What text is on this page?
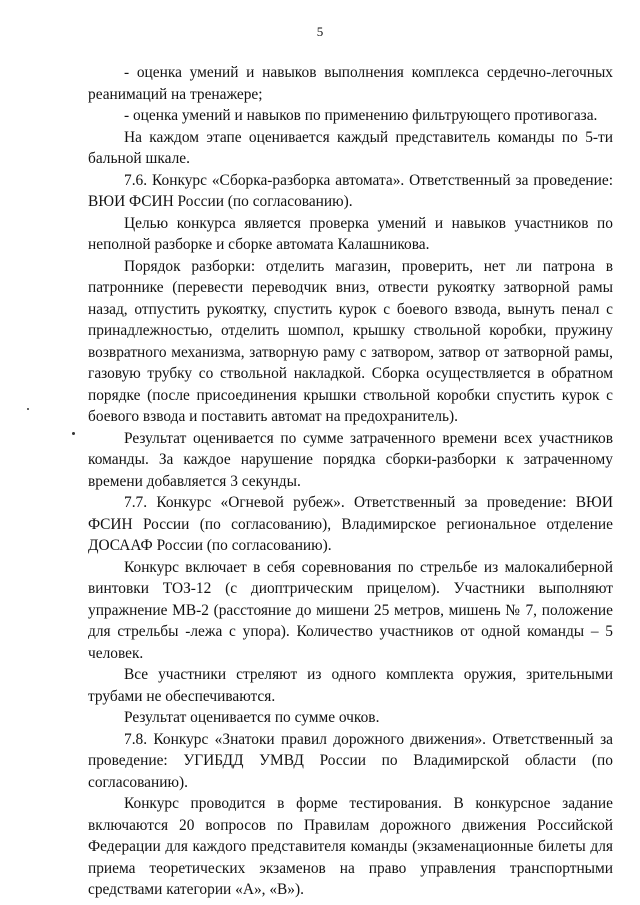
5

- оценка умений и навыков выполнения комплекса сердечно-легочных реанимаций на тренажере;

- оценка умений и навыков по применению фильтрующего противогаза.

На каждом этапе оценивается каждый представитель команды по 5-ти бальной шкале.

7.6. Конкурс «Сборка-разборка автомата». Ответственный за проведение: ВЮИ ФСИН России (по согласованию).

Целью конкурса является проверка умений и навыков участников по неполной разборке и сборке автомата Калашникова.

Порядок разборки: отделить магазин, проверить, нет ли патрона в патроннике (перевести переводчик вниз, отвести рукоятку затворной рамы назад, отпустить рукоятку, спустить курок с боевого взвода, вынуть пенал с принадлежностью, отделить шомпол, крышку ствольной коробки, пружину возвратного механизма, затворную раму с затвором, затвор от затворной рамы, газовую трубку со ствольной накладкой. Сборка осуществляется в обратном порядке (после присоединения крышки ствольной коробки спустить курок с боевого взвода и поставить автомат на предохранитель).

Результат оценивается по сумме затраченного времени всех участников команды. За каждое нарушение порядка сборки-разборки к затраченному времени добавляется 3 секунды.

7.7. Конкурс «Огневой рубеж». Ответственный за проведение: ВЮИ ФСИН России (по согласованию), Владимирское региональное отделение ДОСААФ России (по согласованию).

Конкурс включает в себя соревнования по стрельбе из малокалиберной винтовки ТОЗ-12 (с диоптрическим прицелом). Участники выполняют упражнение МВ-2 (расстояние до мишени 25 метров, мишень № 7, положение для стрельбы -лежа с упора). Количество участников от одной команды – 5 человек.

Все участники стреляют из одного комплекта оружия, зрительными трубами не обеспечиваются.

Результат оценивается по сумме очков.

7.8. Конкурс «Знатоки правил дорожного движения». Ответственный за проведение: УГИБДД УМВД России по Владимирской области (по согласованию).

Конкурс проводится в форме тестирования. В конкурсное задание включаются 20 вопросов по Правилам дорожного движения Российской Федерации для каждого представителя команды (экзаменационные билеты для приема теоретических экзаменов на право управления транспортными средствами категории «А», «В»).
